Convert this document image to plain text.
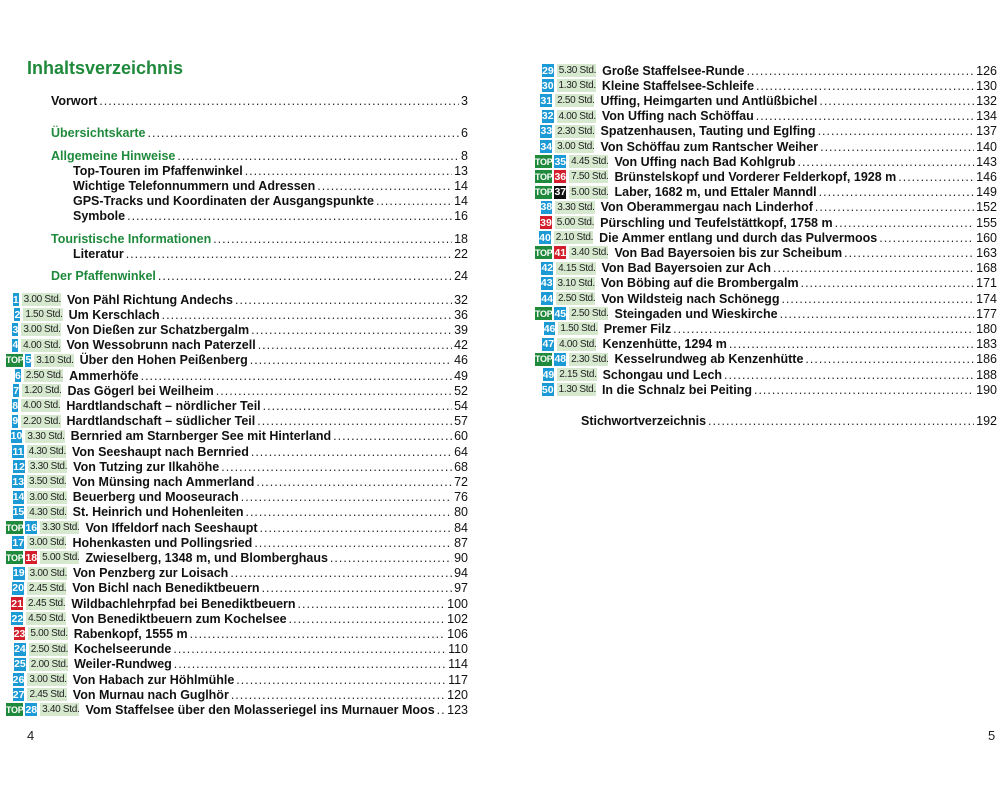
Inhaltsverzeichnis
Vorwort .....	3
Übersichtskarte .....	6
Allgemeine Hinweise .....	8
Top-Touren im Pfaffenwinkel .....	13
Wichtige Telefonnummern und Adressen .....	14
GPS-Tracks und Koordinaten der Ausgangspunkte .....	14
Symbole .....	16
Touristische Informationen .....	18
Literatur .....	22
Der Pfaffenwinkel .....	24
1 3.00 Std. Von Pähl Richtung Andechs .....	32
2 1.50 Std. Um Kerschlach .....	36
3 3.00 Std. Von Dießen zur Schatzbergalm .....	39
4 4.00 Std. Von Wessobrunn nach Paterzell .....	42
TOP 5 3.10 Std. Über den Hohen Peißenberg .....	46
6 2.50 Std. Ammerhöfe .....	49
7 1.20 Std. Das Gögerl bei Weilheim .....	52
8 4.00 Std. Hardtlandschaft – nördlicher Teil .....	54
9 2.20 Std. Hardtlandschaft – südlicher Teil .....	57
10 3.30 Std. Bernried am Starnberger See mit Hinterland .....	60
11 4.30 Std. Von Seeshaupt nach Bernried .....	64
12 3.30 Std. Von Tutzing zur Ilkahöhe .....	68
13 3.50 Std. Von Münsing nach Ammerland .....	72
14 3.00 Std. Beuerberg und Mooseurach .....	76
15 4.30 Std. St. Heinrich und Hohenleiten .....	80
TOP 16 3.30 Std. Von Iffeldorf nach Seeshaupt .....	84
17 3.00 Std. Hohenkasten und Pollingsried .....	87
TOP 18 5.00 Std. Zwieselberg, 1348 m, und Blomberghaus .....	90
19 3.00 Std. Von Penzberg zur Loisach .....	94
20 2.45 Std. Von Bichl nach Benediktbeuern .....	97
21 2.45 Std. Wildbachlehrpfad bei Benediktbeuern .....	100
22 4.50 Std. Von Benediktbeuern zum Kochelsee .....	102
23 5.00 Std. Rabenkopf, 1555 m .....	106
24 2.50 Std. Kochelseerunde .....	110
25 2.00 Std. Weiler-Rundweg .....	114
26 3.00 Std. Von Habach zur Höhlmühle .....	117
27 2.45 Std. Von Murnau nach Guglhör .....	120
TOP 28 3.40 Std. Vom Staffelsee über den Molasseriegel ins Murnauer Moos ..... 123
29 5.30 Std. Große Staffelsee-Runde .....	126
30 1.30 Std. Kleine Staffelsee-Schleife .....	130
31 2.50 Std. Uffing, Heimgarten und Antlüßbichel .....	132
32 4.00 Std. Von Uffing nach Schöffau .....	134
33 2.30 Std. Spatzenhausen, Tauting und Eglfing .....	137
34 3.00 Std. Von Schöffau zum Rantscher Weiher .....	140
TOP 35 4.45 Std. Von Uffing nach Bad Kohlgrub .....	143
TOP 36 7.50 Std. Brünstelskopf und Vorderer Felderkopf, 1928 m .....	146
TOP 37 5.00 Std. Laber, 1682 m, und Ettaler Manndl .....	149
38 3.30 Std. Von Oberammergau nach Linderhof .....	152
39 5.00 Std. Pürschling und Teufelstättkopf, 1758 m .....	155
40 2.10 Std. Die Ammer entlang und durch das Pulvermoos .....	160
TOP 41 3.40 Std. Von Bad Bayersoien bis zur Scheibum .....	163
42 4.15 Std. Von Bad Bayersoien zur Ach .....	168
43 3.10 Std. Von Böbing auf die Brombergalm .....	171
44 2.50 Std. Von Wildsteig nach Schönegg .....	174
TOP 45 2.50 Std. Steingaden und Wieskirche .....	177
46 1.50 Std. Premer Filz .....	180
47 4.00 Std. Kenzenhütte, 1294 m .....	183
TOP 48 2.30 Std. Kesselrundweg ab Kenzenhütte .....	186
49 2.15 Std. Schongau und Lech .....	188
50 1.30 Std. In die Schnalz bei Peiting .....	190
Stichwortverzeichnis .....	192
4	5
